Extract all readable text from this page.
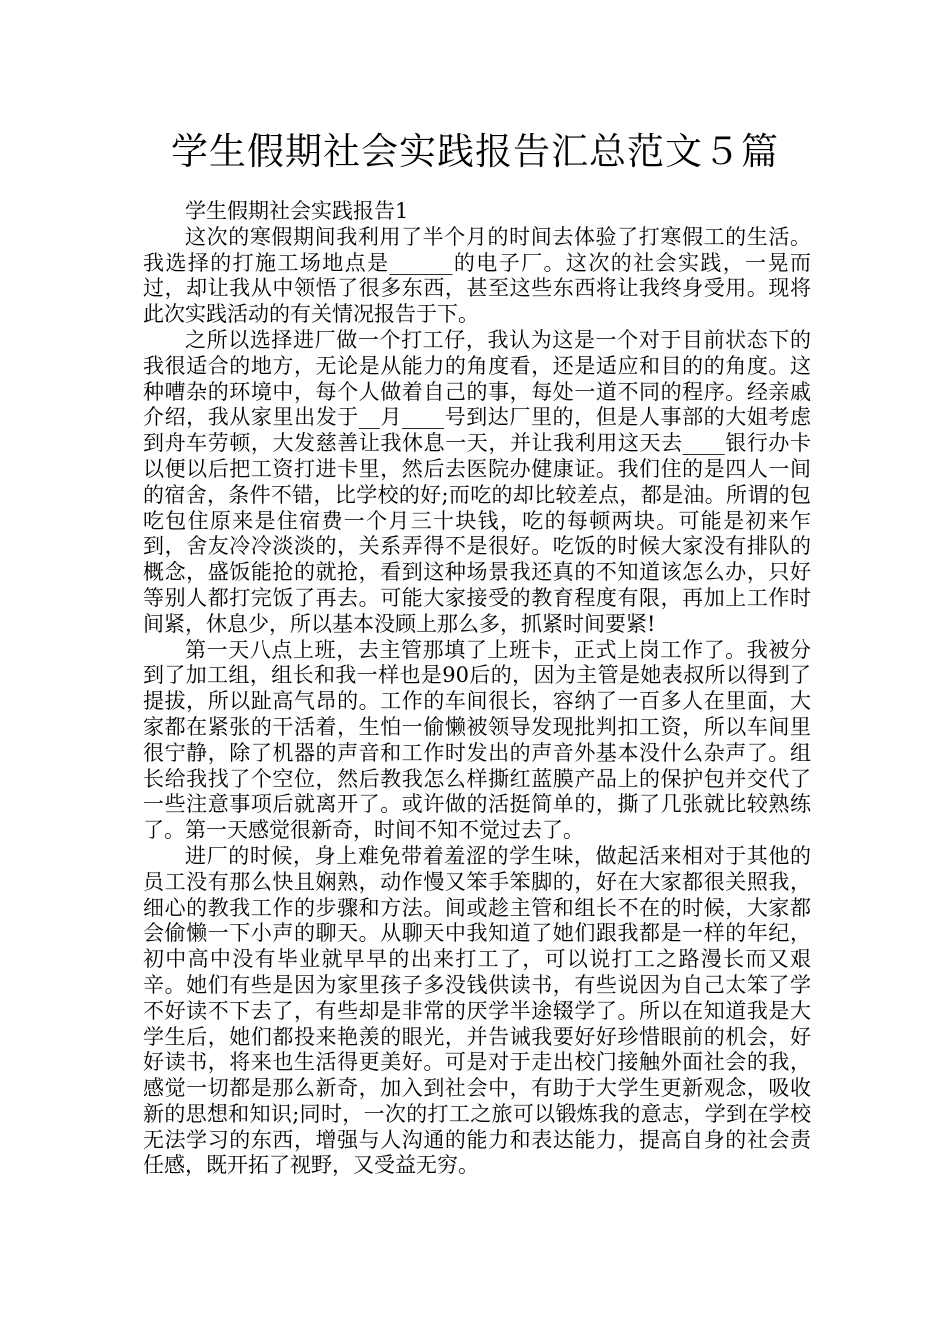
学生假期社会实践报告汇总范文５篇

学生假期社会实践报告1

这次的寒假期间我利用了半个月的时间去体验了打寒假工的生活。我选择的打施工场地点是______的电子厂。这次的社会实践，一晃而过，却让我从中领悟了很多东西，甚至这些东西将让我终身受用。现将此次实践活动的有关情况报告于下。

之所以选择进厂做一个打工仔，我认为这是一个对于目前状态下的我很适合的地方，无论是从能力的角度看，还是适应和目的的角度。这种嘈杂的环境中，每个人做着自己的事，每处一道不同的程序。经亲戚介绍，我从家里出发于__月____号到达厂里的，但是人事部的大姐考虑到舟车劳顿，大发慈善让我休息一天，并让我利用这天去____银行办卡以便以后把工资打进卡里，然后去医院办健康证。我们住的是四人一间的宿舍，条件不错，比学校的好;而吃的却比较差点，都是油。所谓的包吃包住原来是住宿费一个月三十块钱，吃的每顿两块。可能是初来乍到，舍友冷冷淡淡的，关系弄得不是很好。吃饭的时候大家没有排队的概念，盛饭能抢的就抢，看到这种场景我还真的不知道该怎么办，只好等别人都打完饭了再去。可能大家接受的教育程度有限，再加上工作时间紧，休息少，所以基本没顾上那么多，抓紧时间要紧!

第一天八点上班，去主管那填了上班卡，正式上岗工作了。我被分到了加工组，组长和我一样也是90后的，因为主管是她表叔所以得到了提拔，所以趾高气昂的。工作的车间很长，容纳了一百多人在里面，大家都在紧张的干活着，生怕一偷懒被领导发现批判扣工资，所以车间里很宁静，除了机器的声音和工作时发出的声音外基本没什么杂声了。组长给我找了个空位，然后教我怎么样撕红蓝膜产品上的保护包并交代了一些注意事项后就离开了。或许做的活挺简单的，撕了几张就比较熟练了。第一天感觉很新奇，时间不知不觉过去了。

进厂的时候，身上难免带着羞涩的学生味，做起活来相对于其他的员工没有那么快且娴熟，动作慢又笨手笨脚的，好在大家都很关照我，细心的教我工作的步骤和方法。间或趁主管和组长不在的时候，大家都会偷懒一下小声的聊天。从聊天中我知道了她们跟我都是一样的年纪，初中高中没有毕业就早早的出来打工了，可以说打工之路漫长而又艰辛。她们有些是因为家里孩子多没钱供读书，有些说因为自己太笨了学不好读不下去了，有些却是非常的厌学半途辍学了。所以在知道我是大学生后，她们都投来艳羡的眼光，并告诫我要好好珍惜眼前的机会，好好读书，将来也生活得更美好。可是对于走出校门接触外面社会的我，感觉一切都是那么新奇，加入到社会中，有助于大学生更新观念，吸收新的思想和知识;同时，一次的打工之旅可以锻炼我的意志，学到在学校无法学习的东西，增强与人沟通的能力和表达能力，提高自身的社会责任感，既开拓了视野，又受益无穷。
